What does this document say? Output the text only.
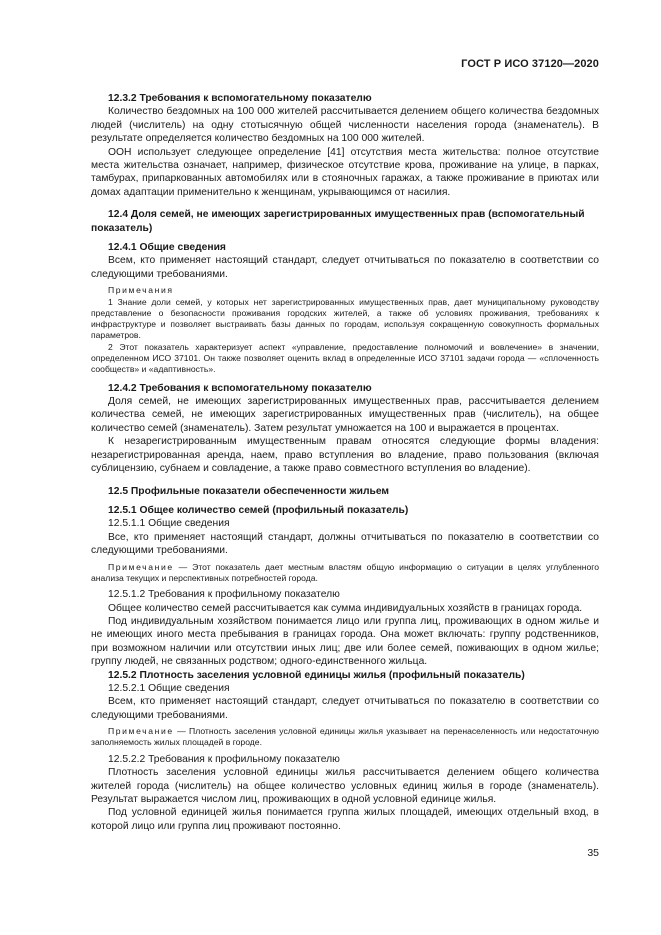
ГОСТ Р ИСО 37120—2020

12.3.2 Требования к вспомогательному показателю

Количество бездомных на 100 000 жителей рассчитывается делением общего количества бездомных людей (числитель) на одну стотысячную общей численности населения города (знаменатель). В результате определяется количество бездомных на 100 000 жителей.

ООН использует следующее определение [41] отсутствия места жительства: полное отсутствие места жительства означает, например, физическое отсутствие крова, проживание на улице, в парках, тамбурах, припаркованных автомобилях или в стояночных гаражах, а также проживание в приютах или домах адаптации применительно к женщинам, укрывающимся от насилия.

12.4 Доля семей, не имеющих зарегистрированных имущественных прав (вспомогательный показатель)

12.4.1 Общие сведения

Всем, кто применяет настоящий стандарт, следует отчитываться по показателю в соответствии со следующими требованиями.

Примечания

1 Знание доли семей, у которых нет зарегистрированных имущественных прав, дает муниципальному руководству представление о безопасности проживания городских жителей, а также об условиях проживания, требованиях к инфраструктуре и позволяет выстраивать базы данных по городам, используя сокращенную совокупность формальных параметров.

2 Этот показатель характеризует аспект «управление, предоставление полномочий и вовлечение» в значении, определенном ИСО 37101. Он также позволяет оценить вклад в определенные ИСО 37101 задачи города — «сплоченность сообществ» и «адаптивность».

12.4.2 Требования к вспомогательному показателю

Доля семей, не имеющих зарегистрированных имущественных прав, рассчитывается делением количества семей, не имеющих зарегистрированных имущественных прав (числитель), на общее количество семей (знаменатель). Затем результат умножается на 100 и выражается в процентах.

К незарегистрированным имущественным правам относятся следующие формы владения: незарегистрированная аренда, наем, право вступления во владение, право пользования (включая сублицензию, субнаем и совладение, а также право совместного вступления во владение).

12.5 Профильные показатели обеспеченности жильем

12.5.1 Общее количество семей (профильный показатель)

12.5.1.1 Общие сведения

Все, кто применяет настоящий стандарт, должны отчитываться по показателю в соответствии со следующими требованиями.

Примечание — Этот показатель дает местным властям общую информацию о ситуации в целях углубленного анализа текущих и перспективных потребностей города.

12.5.1.2 Требования к профильному показателю

Общее количество семей рассчитывается как сумма индивидуальных хозяйств в границах города.

Под индивидуальным хозяйством понимается лицо или группа лиц, проживающих в одном жилье и не имеющих иного места пребывания в границах города. Она может включать: группу родственников, при возможном наличии или отсутствии иных лиц; две или более семей, поживающих в одном жилье; группу людей, не связанных родством; одного-единственного жильца.

12.5.2 Плотность заселения условной единицы жилья (профильный показатель)

12.5.2.1 Общие сведения

Всем, кто применяет настоящий стандарт, следует отчитываться по показателю в соответствии со следующими требованиями.

Примечание — Плотность заселения условной единицы жилья указывает на перенаселенность или недостаточную заполняемость жилых площадей в городе.

12.5.2.2 Требования к профильному показателю

Плотность заселения условной единицы жилья рассчитывается делением общего количества жителей города (числитель) на общее количество условных единиц жилья в городе (знаменатель). Результат выражается числом лиц, проживающих в одной условной единице жилья.

Под условной единицей жилья понимается группа жилых площадей, имеющих отдельный вход, в которой лицо или группа лиц проживают постоянно.

35
